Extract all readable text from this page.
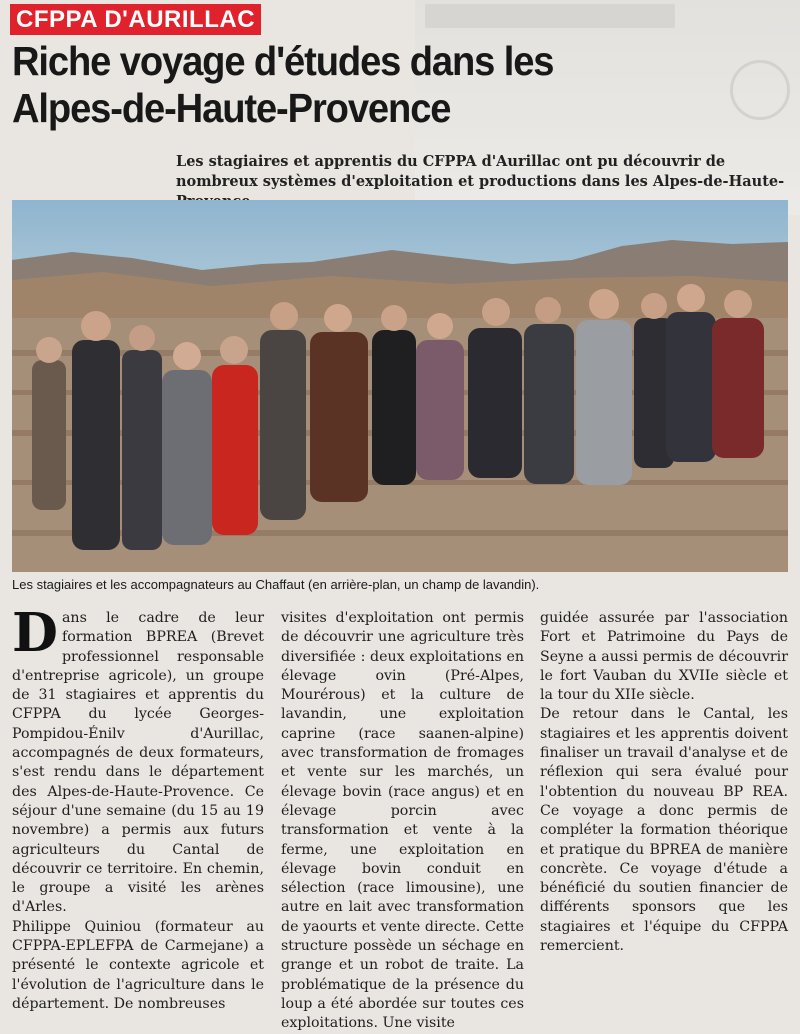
CFPPA D'AURILLAC
Riche voyage d'études dans les Alpes-de-Haute-Provence

Les stagiaires et apprentis du CFPPA d'Aurillac ont pu découvrir de nombreux systèmes d'exploitation et productions dans les Alpes-de-Haute-

Les stagiaires et les accompagnateurs au Chaffaut (en arrière-plan, un champ de lavandin).

D ans le cadre de leur formation BPREA (Brevet professionnel responsable d'entreprise agricole), un groupe de 31 stagiaires et apprentis du CFPPA du lycée Georges-Pompidou-Énilv d'Aurillac, accompagnés de deux formateurs, s'est rendu dans le département des Alpes-de-Haute-Provence. Ce séjour d'une semaine (du 15 au 19 novembre) a permis aux futurs agriculteurs du Cantal de découvrir ce territoire. En chemin, le groupe a visité les arènes d'Arles.

Philippe Quiniou (formateur au CFPPA-EPLEFPA de Carmejane) a présenté le contexte agricole et l'évolution de l'agriculture dans le département. De nombreuses

visites d'exploitation ont permis de découvrir une agriculture très diversifiée : deux exploitations en élevage ovin (Pré-Alpes, Mourérous) et la culture de lavandin, une exploitation caprine (race saanen-alpine) avec transformation de fromages et vente sur les marchés, un élevage bovin (race angus) et en élevage porcin avec transformation et vente à la ferme, une exploitation en élevage bovin conduit en sélection (race limousine), une autre en lait avec transformation de yaourts et vente directe. Cette structure possède un séchage en grange et un robot de traite. La problématique de la présence du loup a été abordée sur toutes ces exploitations. Une visite

guidée assurée par l'association Fort et Patrimoine du Pays de Seyne a aussi permis de découvrir le fort Vauban du XVIIe siècle et la tour du XIIe siècle.

De retour dans le Cantal, les stagiaires et les apprentis doivent finaliser un travail d'analyse et de réflexion qui sera évalué pour l'obtention du nouveau BP REA. Ce voyage a donc permis de compléter la formation théorique et pratique du BPREA de manière concrète. Ce voyage d'étude a bénéficié du soutien financier de différents sponsors que les stagiaires et l'équipe du CFPPA remercient.
